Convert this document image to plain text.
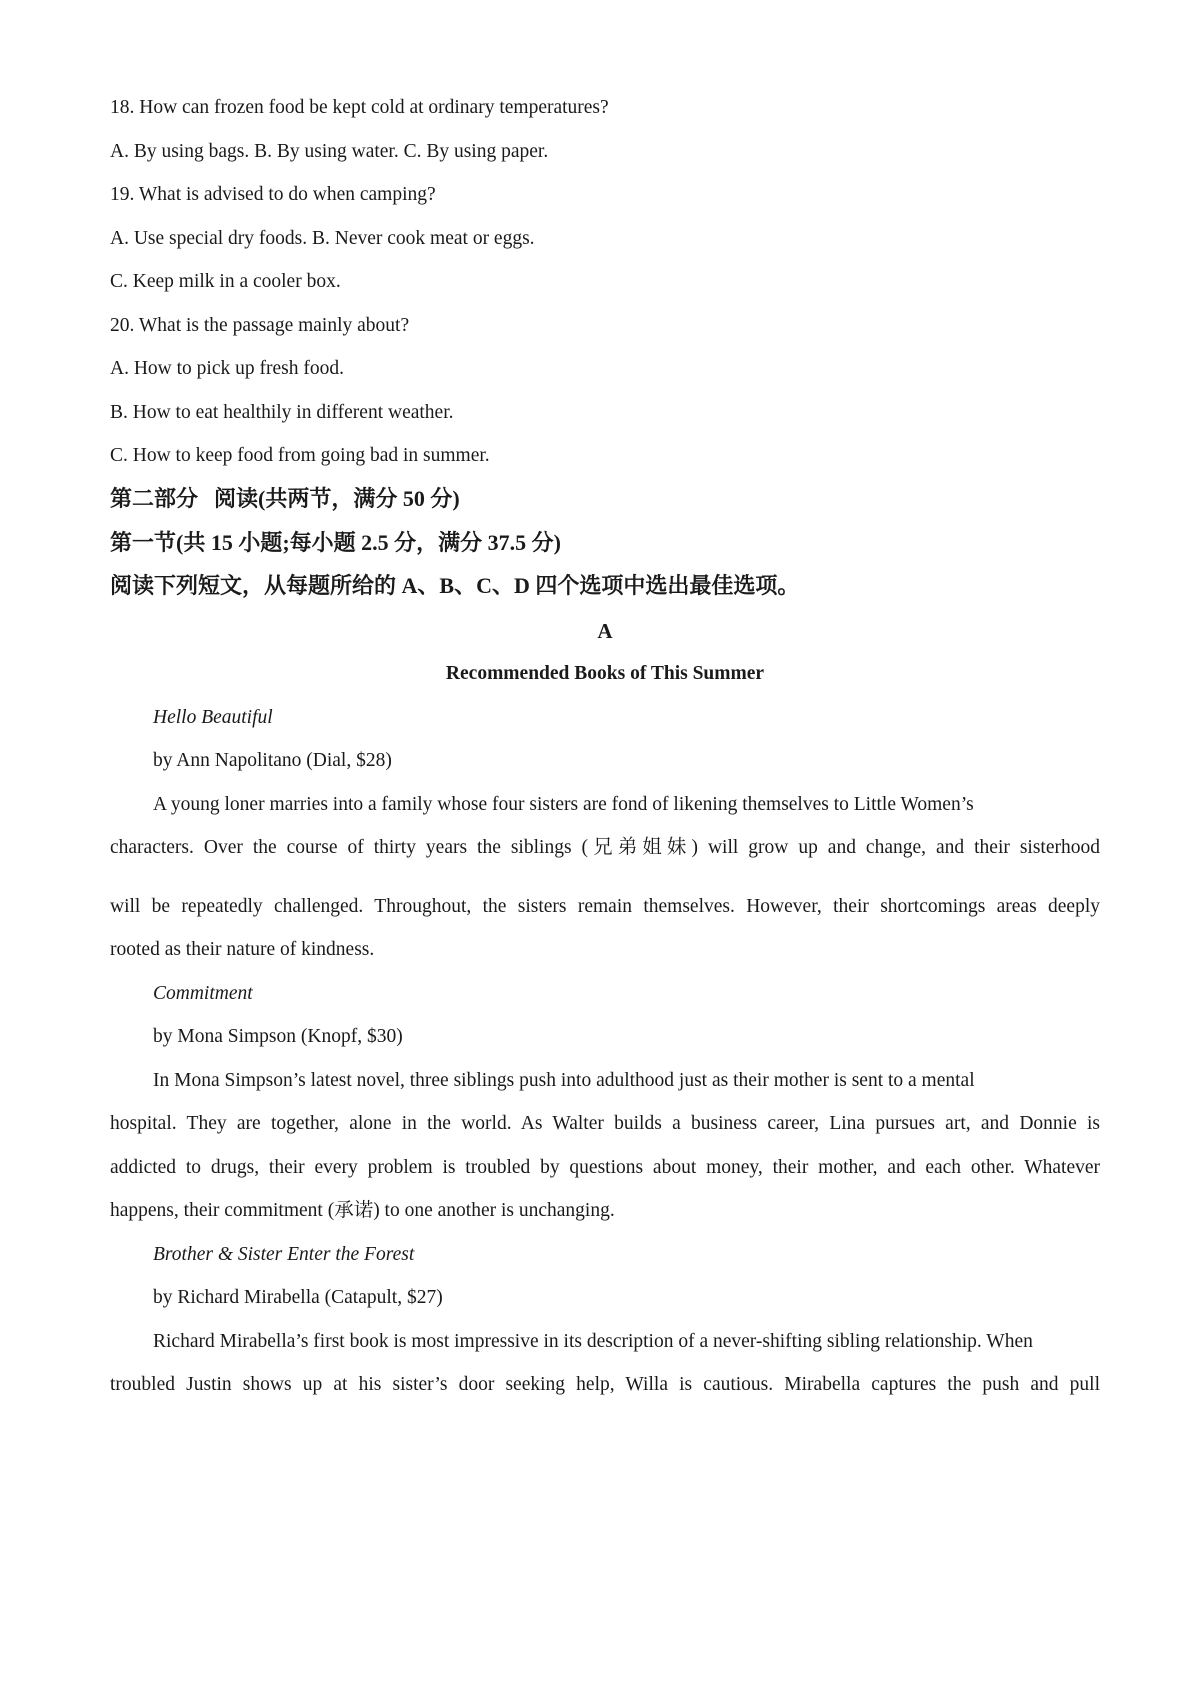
18. How can frozen food be kept cold at ordinary temperatures?
A. By using bags. B. By using water. C. By using paper.
19. What is advised to do when camping?
A. Use special dry foods. B. Never cook meat or eggs.
C. Keep milk in a cooler box.
20. What is the passage mainly about?
A. How to pick up fresh food.
B. How to eat healthily in different weather.
C. How to keep food from going bad in summer.
第二部分 阅读(共两节，满分 50 分)
第一节(共 15 小题;每小题 2.5 分，满分 37.5 分)
阅读下列短文，从每题所给的 A、B、C、D 四个选项中选出最佳选项。
A
Recommended Books of This Summer
Hello Beautiful
by Ann Napolitano (Dial, $28)
A young loner marries into a family whose four sisters are fond of likening themselves to Little Women’s
characters. Over the course of thirty years the siblings (兄弟姐妹) will grow up and change, and their sisterhood
will be repeatedly challenged. Throughout, the sisters remain themselves. However, their shortcomings areas deeply
rooted as their nature of kindness.
Commitment
by Mona Simpson (Knopf, $30)
In Mona Simpson’s latest novel, three siblings push into adulthood just as their mother is sent to a mental
hospital. They are together, alone in the world. As Walter builds a business career, Lina pursues art, and Donnie is
addicted to drugs, their every problem is troubled by questions about money, their mother, and each other. Whatever
happens, their commitment (承诺) to one another is unchanging.
Brother & Sister Enter the Forest
by Richard Mirabella (Catapult, $27)
Richard Mirabella’s first book is most impressive in its description of a never-shifting sibling relationship. When
troubled Justin shows up at his sister’s door seeking help, Willa is cautious. Mirabella captures the push and pull
